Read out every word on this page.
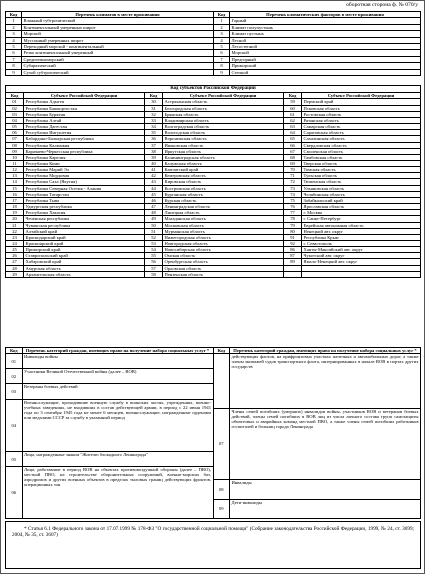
оборотная сторона ф. № 070/у
Код	Перечень климатов в месте проживания	Код	Перечень климатических факторов в месте проживания
1	Влажный субтропический	1	Горный
2	Континентальный умеренных широт	2	Климат полупустынь
3	Морской	3	Климат пустынь
4	Муссонный умеренных широт	4	Лесной
5	Переходный морской - континентальный	5	Лесостепной
6	Резко континентальный умеренный	6	Морской
7	Средиземноморский	7	Предгорный
8	Субарктический	8	Приморский
9	Сухой субтропический	9	Степной
Код субъектов Российской Федерации
Код	Субъект Российской Федерации	Код	Субъект Российской Федерации	Код	Субъект Российской Федерации
01	Республика Адыгея	30	Астраханская область	59	Пермский край
02	Республика Башкортостан	31	Белгородская область	60	Псковская область
03	Республика Бурятия	32	Брянская область	61	Ростовская область
04	Республика Алтай	33	Владимирская область	62	Рязанская область
05	Республика Дагестан	34	Волгоградская область	63	Самарская область
06	Республика Ингушетия	35	Вологодская область	64	Саратовская область
07	Кабардино-Балкарская республика	36	Воронежская область	65	Сахалинская область
08	Республика Калмыкия	37	Ивановская область	66	Свердловская область
09	Карачаево-Черкесская республика	38	Иркутская область	67	Смоленская область
10	Республика Карелия	39	Калининградская область	68	Тамбовская область
11	Республика Коми	40	Калужская область	69	Тверская область
12	Республика Марий Эл	41	Камчатский край	70	Томская область
13	Республика Мордовия	42	Кемеровская область	71	Тульская область
14	Республика Саха (Якутия)	43	Кировская область	72	Тюменская область
15	Республика Северная Осетия - Алания	44	Костромская область	73	Ульяновская область
16	Республика Татарстан	45	Курганская область	74	Челябинская область
17	Республика Тыва	46	Курская область	75	Забайкальский край
18	Удмуртская республика	47	Ленинградская область	76	Ярославская область
19	Республика Хакасия	48	Липецкая область	77	г. Москва
20	Чеченская республика	49	Магаданская область	78	г. Санкт-Петербург
21	Чувашская республика	50	Московская область	79	Еврейская автономная область
22	Алтайский край	51	Мурманская область	80	Ненецкий авт. округ
23	Краснодарский край	52	Нижегородская область	91	Республика Крым
24	Красноярский край	53	Новгородская область	92	г. Севастополь
25	Приморский край	54	Новосибирская область	86	Ханты-Мансийский авт. округ
26	Ставропольский край	55	Омская область	87	Чукотский авт. округ
27	Хабаровский край	56	Оренбургская область	89	Ямало-Ненецкий авт. округ
28	Амурская область	57	Орловская область		
29	Архангельская область	58	Пензенская область		
Код	Перечень категорий граждан, имеющих право на получение набора социальных услуг *
01	Инвалиды войны
02	Участники Великой Отечественной войны (далее – ВОВ)
03	Ветераны боевых действий
04	Военнослужащие, проходившие военную службу в воинских частях, учреждениях, военно-учебных заведениях, не входивших в состав действующей армии, в период с 22 июня 1941 года по 3 сентября 1945 года не менее 6 месяцев, военнослужащие, награжденные орденами или медалями СССР за службу в указанный период
05	Лица, награжденные знаком "Жителю блокадного Ленинграда"
06	Лица, работавшие в период ВОВ на объектах противовоздушной обороны (далее – ПВО), местной ПВО, на строительстве оборонительных сооружений, военно-морских баз, аэродромов и других военных объектов в пределах тыловых границ действующих фронтов, операционных зон

Код	Перечень категорий граждан, имеющих право на получение набора социальных услуг *
	действующих флотов, на прифронтовых участках железных и автомобильных дорог, а также члены экипажей судов транспортного флота, интернированных в начале ВОВ в портах других государств
07	Члены семей погибших (умерших) инвалидов войны, участников ВОВ и ветеранов боевых действий, члены семей погибших в ВОВ лиц из числа личного состава групп самозащиты объектовых и аварийных команд местной ПВО, а также члены семей погибших работников госпиталей и больниц города Ленинграда
08	Инвалиды
09	Дети-инвалиды
* Статья 6.1 Федерального закона от 17.07.1999 № 178-ФЗ "О государственной социальной помощи" (Собрание законодательства Российской Федерации, 1999, № 24, ст. 3699; 2004, № 35, ст. 3607)
